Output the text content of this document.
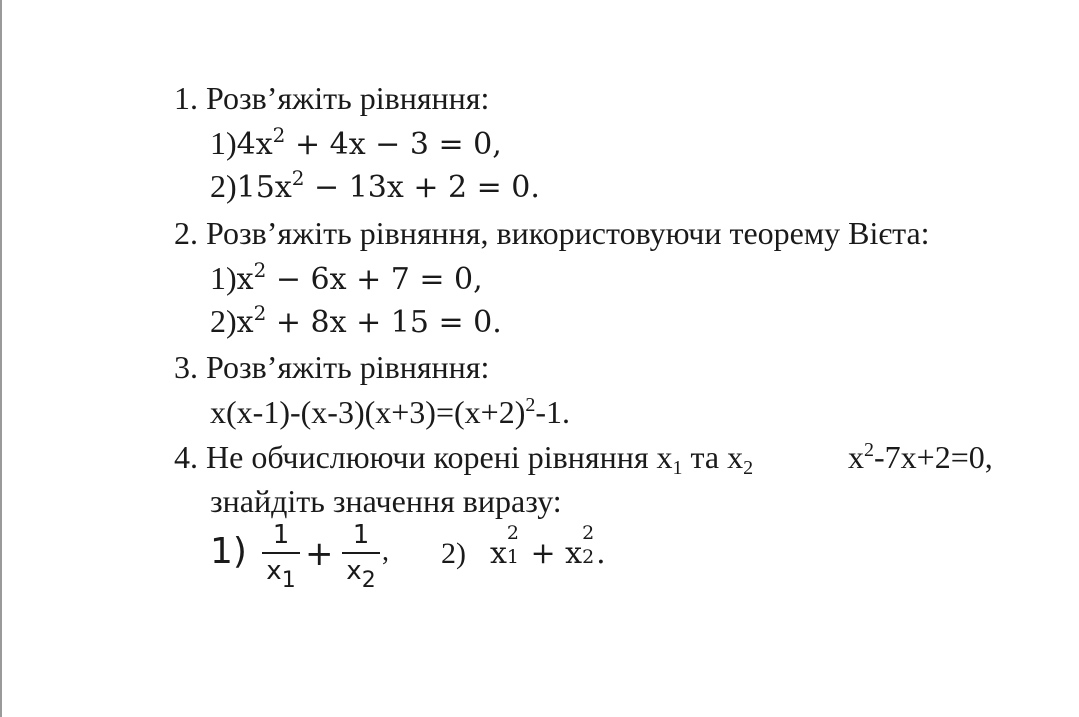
1. Розв’яжіть рівняння:
$1)4x^2 + 4x - 3 = 0$,
$2)15x^2 - 13x + 2 = 0$.
2. Розв’яжіть рівняння, використовуючи теорему Вієта:
$1)x^2 - 6x + 7 = 0$,
$2)x^2 + 8x + 15 = 0$.
3. Розв’яжіть рівняння:
$x(x-1)-(x-3)(x+3)=(x+2)^2-1$.
4. Не обчислюючи корені рівняння $x_1$ та $x_2$	$x^2-7x+2=0$,
знайдіть значення виразу:
1) 1
$x_1$
+ 1
$x_2$
, 2) x
2
1 + x
2
2 .
